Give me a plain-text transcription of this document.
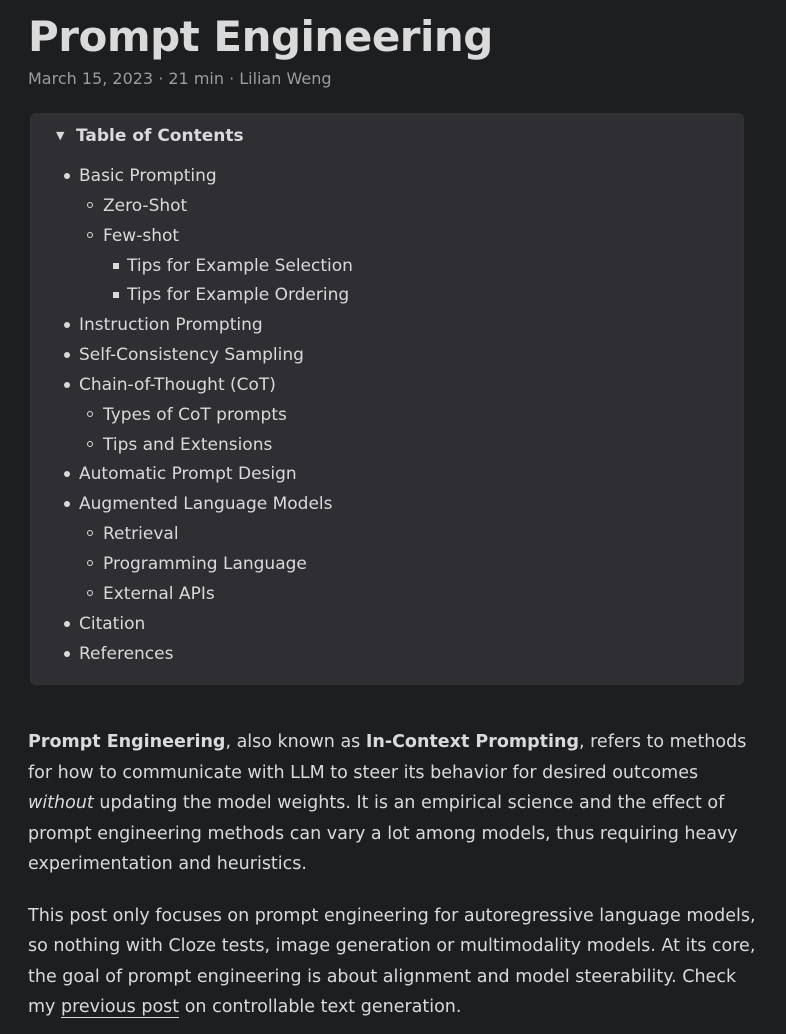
Prompt Engineering
March 15, 2023 · 21 min · Lilian Weng
▼ Table of Contents
Basic Prompting
Zero-Shot
Few-shot
Tips for Example Selection
Tips for Example Ordering
Instruction Prompting
Self-Consistency Sampling
Chain-of-Thought (CoT)
Types of CoT prompts
Tips and Extensions
Automatic Prompt Design
Augmented Language Models
Retrieval
Programming Language
External APIs
Citation
References

Prompt Engineering, also known as In-Context Prompting, refers to methods for how to communicate with LLM to steer its behavior for desired outcomes without updating the model weights. It is an empirical science and the effect of prompt engineering methods can vary a lot among models, thus requiring heavy experimentation and heuristics.

This post only focuses on prompt engineering for autoregressive language models, so nothing with Cloze tests, image generation or multimodality models. At its core, the goal of prompt engineering is about alignment and model steerability. Check my previous post on controllable text generation.
